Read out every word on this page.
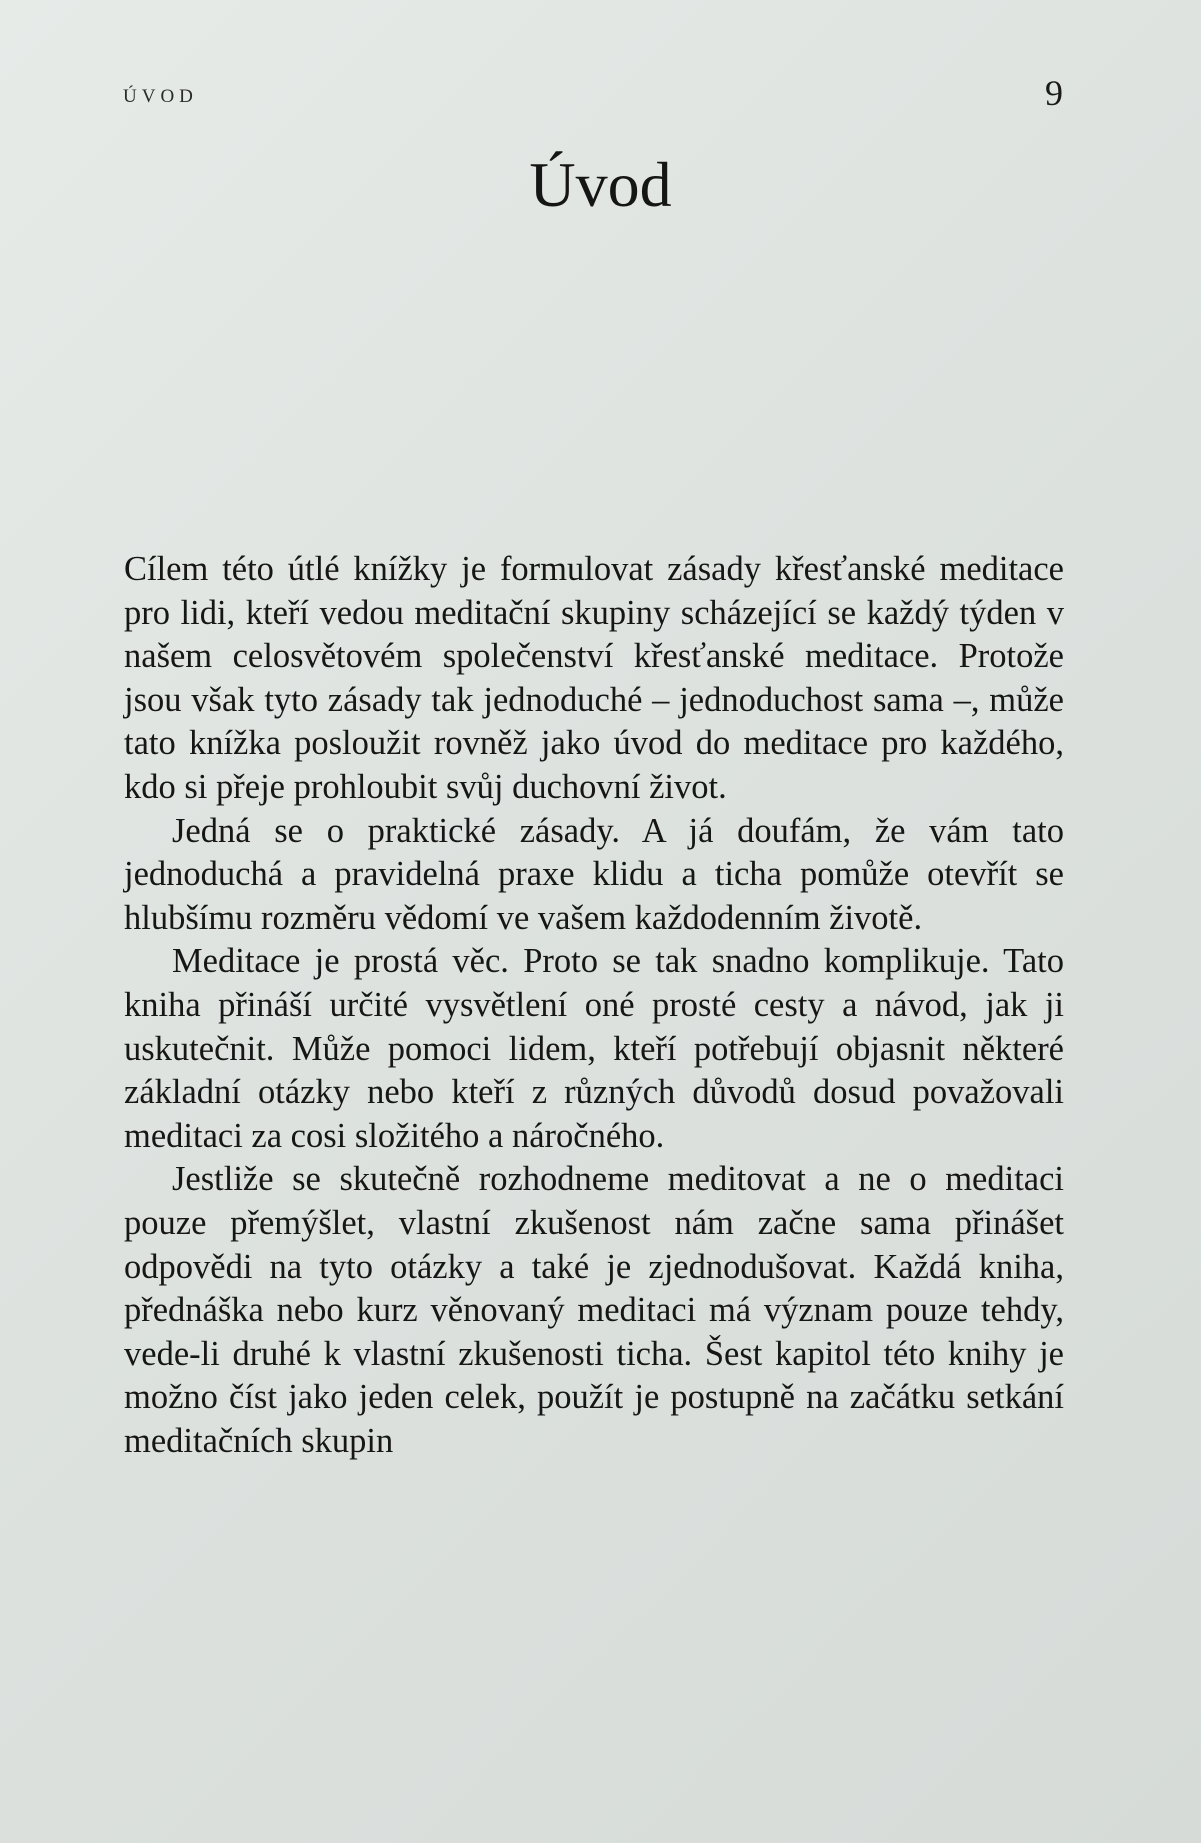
ÚVOD	9
Úvod

Cílem této útlé knížky je formulovat zásady křesťanské meditace pro lidi, kteří vedou meditační skupiny scházející se každý týden v našem celosvětovém společenství křesťanské meditace. Protože jsou však tyto zásady tak jednoduché – jednoduchost sama –, může tato knížka posloužit rovněž jako úvod do meditace pro každého, kdo si přeje prohloubit svůj duchovní život.

Jedná se o praktické zásady. A já doufám, že vám tato jednoduchá a pravidelná praxe klidu a ticha pomůže otevřít se hlubšímu rozměru vědomí ve vašem každodenním životě.

Meditace je prostá věc. Proto se tak snadno komplikuje. Tato kniha přináší určité vysvětlení oné prosté cesty a návod, jak ji uskutečnit. Může pomoci lidem, kteří potřebují objasnit některé základní otázky nebo kteří z různých důvodů dosud považovali meditaci za cosi složitého a náročného.

Jestliže se skutečně rozhodneme meditovat a ne o meditaci pouze přemýšlet, vlastní zkušenost nám začne sama přinášet odpovědi na tyto otázky a také je zjednodušovat. Každá kniha, přednáška nebo kurz věnovaný meditaci má význam pouze tehdy, vede-li druhé k vlastní zkušenosti ticha. Šest kapitol této knihy je možno číst jako jeden celek, použít je postupně na začátku setkání meditačních skupin
